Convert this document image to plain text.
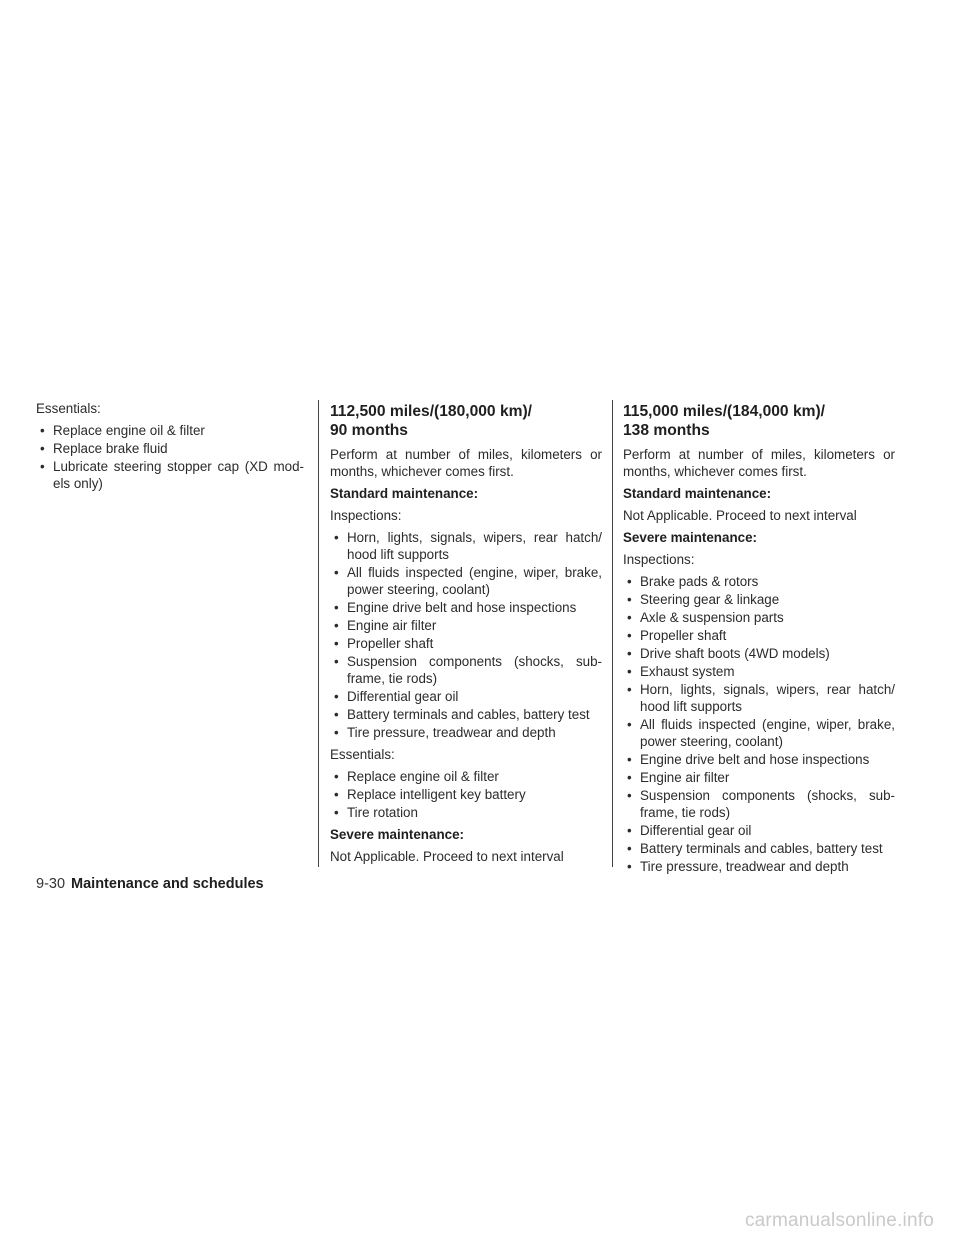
Essentials:

• Replace engine oil & filter
• Replace brake fluid
• Lubricate steering stopper cap (XD mod-els only)
112,500 miles/(180,000 km)/
90 months

Perform at number of miles, kilometers or months, whichever comes first.

Standard maintenance:

Inspections:

• Horn, lights, signals, wipers, rear hatch/ hood lift supports
• All fluids inspected (engine, wiper, brake, power steering, coolant)
• Engine drive belt and hose inspections
• Engine air filter
• Propeller shaft
• Suspension components (shocks, sub-frame, tie rods)
• Differential gear oil
• Battery terminals and cables, battery test
• Tire pressure, treadwear and depth

Essentials:

• Replace engine oil & filter
• Replace intelligent key battery
• Tire rotation

Severe maintenance:

Not Applicable. Proceed to next interval

115,000 miles/(184,000 km)/
138 months

Perform at number of miles, kilometers or months, whichever comes first.

Standard maintenance:

Not Applicable. Proceed to next interval

Severe maintenance:

Inspections:

• Brake pads & rotors
• Steering gear & linkage
• Axle & suspension parts
• Propeller shaft
• Drive shaft boots (4WD models)
• Exhaust system
• Horn, lights, signals, wipers, rear hatch/ hood lift supports
• All fluids inspected (engine, wiper, brake, power steering, coolant)
• Engine drive belt and hose inspections
• Engine air filter
• Suspension components (shocks, sub-frame, tie rods)
• Differential gear oil
• Battery terminals and cables, battery test
• Tire pressure, treadwear and depth
9-30 Maintenance and schedules
carmanualsonline.info
